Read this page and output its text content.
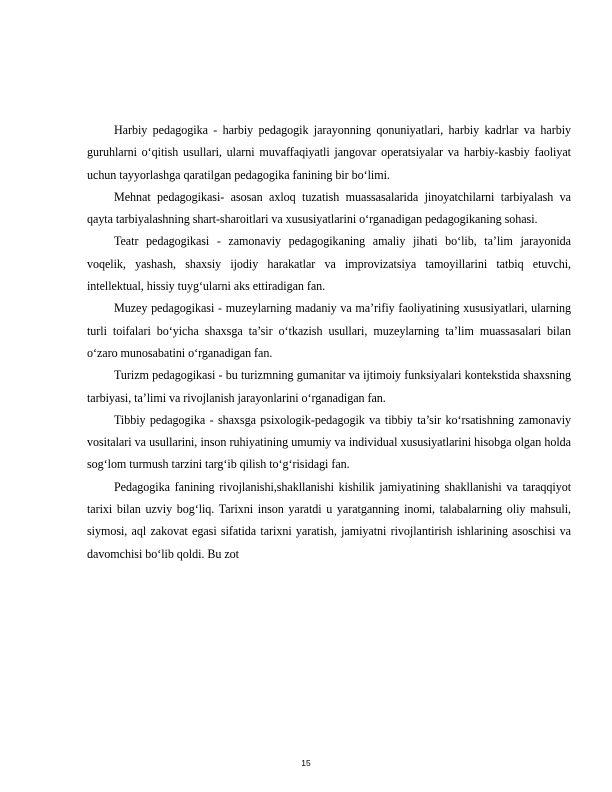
Harbiy pedagogika - harbiy pedagogik jarayonning qonuniyatlari, harbiy kadrlar va harbiy guruhlarni o‘qitish usullari, ularni muvaffaqiyatli jangovar operatsiyalar va harbiy-kasbiy faoliyat uchun tayyorlashga qaratilgan pedagogika fanining bir bo‘limi.

Mehnat pedagogikasi- asosan axloq tuzatish muassasalarida jinoyatchilarni tarbiyalash va qayta tarbiyalashning shart-sharoitlari va xususiyatlarini o‘rganadigan pedagogikaning sohasi.

Teatr pedagogikasi - zamonaviy pedagogikaning amaliy jihati bo‘lib, ta’lim jarayonida voqelik, yashash, shaxsiy ijodiy harakatlar va improvizatsiya tamoyillarini tatbiq etuvchi, intellektual, hissiy tuyg‘ularni aks ettiradigan fan.

Muzey pedagogikasi - muzeylarning madaniy va ma’rifiy faoliyatining xususiyatlari, ularning turli toifalari bo‘yicha shaxsga ta’sir o‘tkazish usullari, muzeylarning ta’lim muassasalari bilan o‘zaro munosabatini o‘rganadigan fan.

Turizm pedagogikasi - bu turizmning gumanitar va ijtimoiy funksiyalari kontekstida shaxsning tarbiyasi, ta’limi va rivojlanish jarayonlarini o‘rganadigan fan.

Tibbiy pedagogika - shaxsga psixologik-pedagogik va tibbiy ta’sir ko‘rsatishning zamonaviy vositalari va usullarini, inson ruhiyatining umumiy va individual xususiyatlarini hisobga olgan holda sog‘lom turmush tarzini targ‘ib qilish to‘g‘risidagi fan.

Pedagogika fanining rivojlanishi,shakllanishi kishilik jamiyatining shakllanishi va taraqqiyot tarixi bilan uzviy bog‘liq. Tarixni inson yaratdi u yaratganning inomi, talabalarning oliy mahsuli, siymosi, aql zakovat egasi sifatida tarixni yaratish, jamiyatni rivojlantirish ishlarining asoschisi va davomchisi bo‘lib qoldi. Bu zot

15
